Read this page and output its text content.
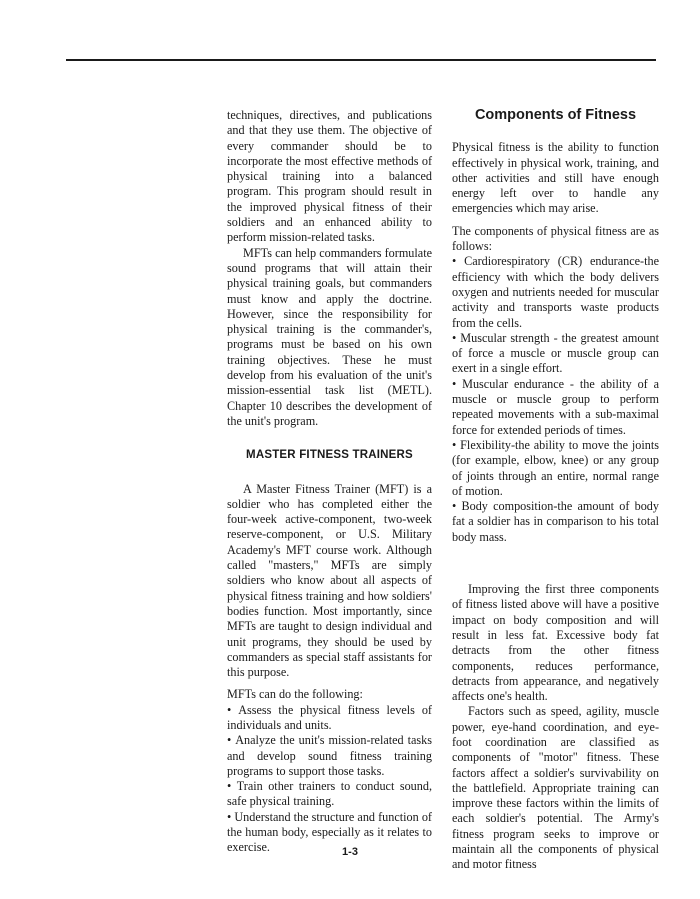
techniques, directives, and publications and that they use them. The objective of every commander should be to incorporate the most effective methods of physical training into a balanced program. This program should result in the improved physical fitness of their soldiers and an enhanced ability to perform mission-related tasks.

MFTs can help commanders formulate sound programs that will attain their physical training goals, but commanders must know and apply the doctrine. However, since the responsibility for physical training is the commander's, programs must be based on his own training objectives. These he must develop from his evaluation of the unit's mission-essential task list (METL). Chapter 10 describes the development of the unit's program.

MASTER FITNESS TRAINERS

A Master Fitness Trainer (MFT) is a soldier who has completed either the four-week active-component, two-week reserve-component, or U.S. Military Academy's MFT course work. Although called "masters," MFTs are simply soldiers who know about all aspects of physical fitness training and how soldiers' bodies function. Most importantly, since MFTs are taught to design individual and unit programs, they should be used by commanders as special staff assistants for this purpose.

MFTs can do the following:

• Assess the physical fitness levels of individuals and units.

• Analyze the unit's mission-related tasks and develop sound fitness training programs to support those tasks.

• Train other trainers to conduct sound, safe physical training.

• Understand the structure and function of the human body, especially as it relates to exercise.

Components of Fitness

Physical fitness is the ability to function effectively in physical work, training, and other activities and still have enough energy left over to handle any emergencies which may arise.

The components of physical fitness are as follows:

• Cardiorespiratory (CR) endurance-the efficiency with which the body delivers oxygen and nutrients needed for muscular activity and transports waste products from the cells.

• Muscular strength - the greatest amount of force a muscle or muscle group can exert in a single effort.

• Muscular endurance - the ability of a muscle or muscle group to perform repeated movements with a sub-maximal force for extended periods of times.

• Flexibility-the ability to move the joints (for example, elbow, knee) or any group of joints through an entire, normal range of motion.

• Body composition-the amount of body fat a soldier has in comparison to his total body mass.

Improving the first three components of fitness listed above will have a positive impact on body composition and will result in less fat. Excessive body fat detracts from the other fitness components, reduces performance, detracts from appearance, and negatively affects one's health.

Factors such as speed, agility, muscle power, eye-hand coordination, and eye-foot coordination are classified as components of "motor" fitness. These factors affect a soldier's survivability on the battlefield. Appropriate training can improve these factors within the limits of each soldier's potential. The Army's fitness program seeks to improve or maintain all the components of physical and motor fitness

1-3
